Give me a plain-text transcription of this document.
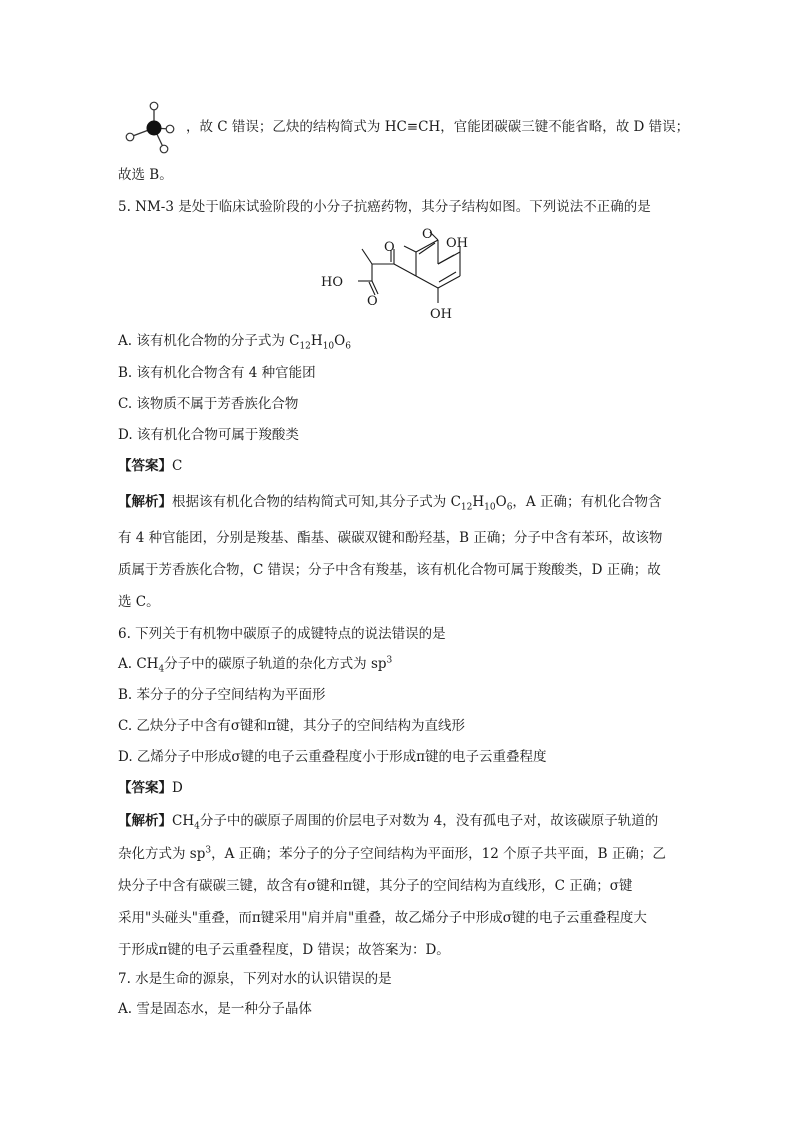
，故 C 错误；乙炔的结构简式为 HC≡CH，官能团碳碳三键不能省略，故 D 错误；
故选 B。
5. NM-3 是处于临床试验阶段的小分子抗癌药物，其分子结构如图。下列说法不正确的是
O
O
OH
OH
HO
O
A. 该有机化合物的分子式为 $C_{12}H_{10}O_6$
B. 该有机化合物含有 4 种官能团
C. 该物质不属于芳香族化合物
D. 该有机化合物可属于羧酸类
【答案】C
【解析】根据该有机化合物的结构简式可知,其分子式为 $C_{12}H_{10}O_6$，A 正确；有机化合物含
有 4 种官能团，分别是羧基、酯基、碳碳双键和酚羟基，B 正确；分子中含有苯环，故该物
质属于芳香族化合物，C 错误；分子中含有羧基，该有机化合物可属于羧酸类，D 正确；故
选 C。
6. 下列关于有机物中碳原子的成键特点的说法错误的是
A. $CH_4$分子中的碳原子轨道的杂化方式为 $sp^3$
B. 苯分子的分子空间结构为平面形
C. 乙炔分子中含有σ键和π键，其分子的空间结构为直线形
D. 乙烯分子中形成σ键的电子云重叠程度小于形成π键的电子云重叠程度
【答案】D
【解析】$CH_4$分子中的碳原子周围的价层电子对数为 4，没有孤电子对，故该碳原子轨道的
杂化方式为 $sp^3$，A 正确；苯分子的分子空间结构为平面形，12 个原子共平面，B 正确；乙
炔分子中含有碳碳三键，故含有σ键和π键，其分子的空间结构为直线形，C 正确；σ键
采用"头碰头"重叠，而π键采用"肩并肩"重叠，故乙烯分子中形成σ键的电子云重叠程度大
于形成π键的电子云重叠程度，D 错误；故答案为：D。
7. 水是生命的源泉，下列对水的认识错误的是
A. 雪是固态水，是一种分子晶体
